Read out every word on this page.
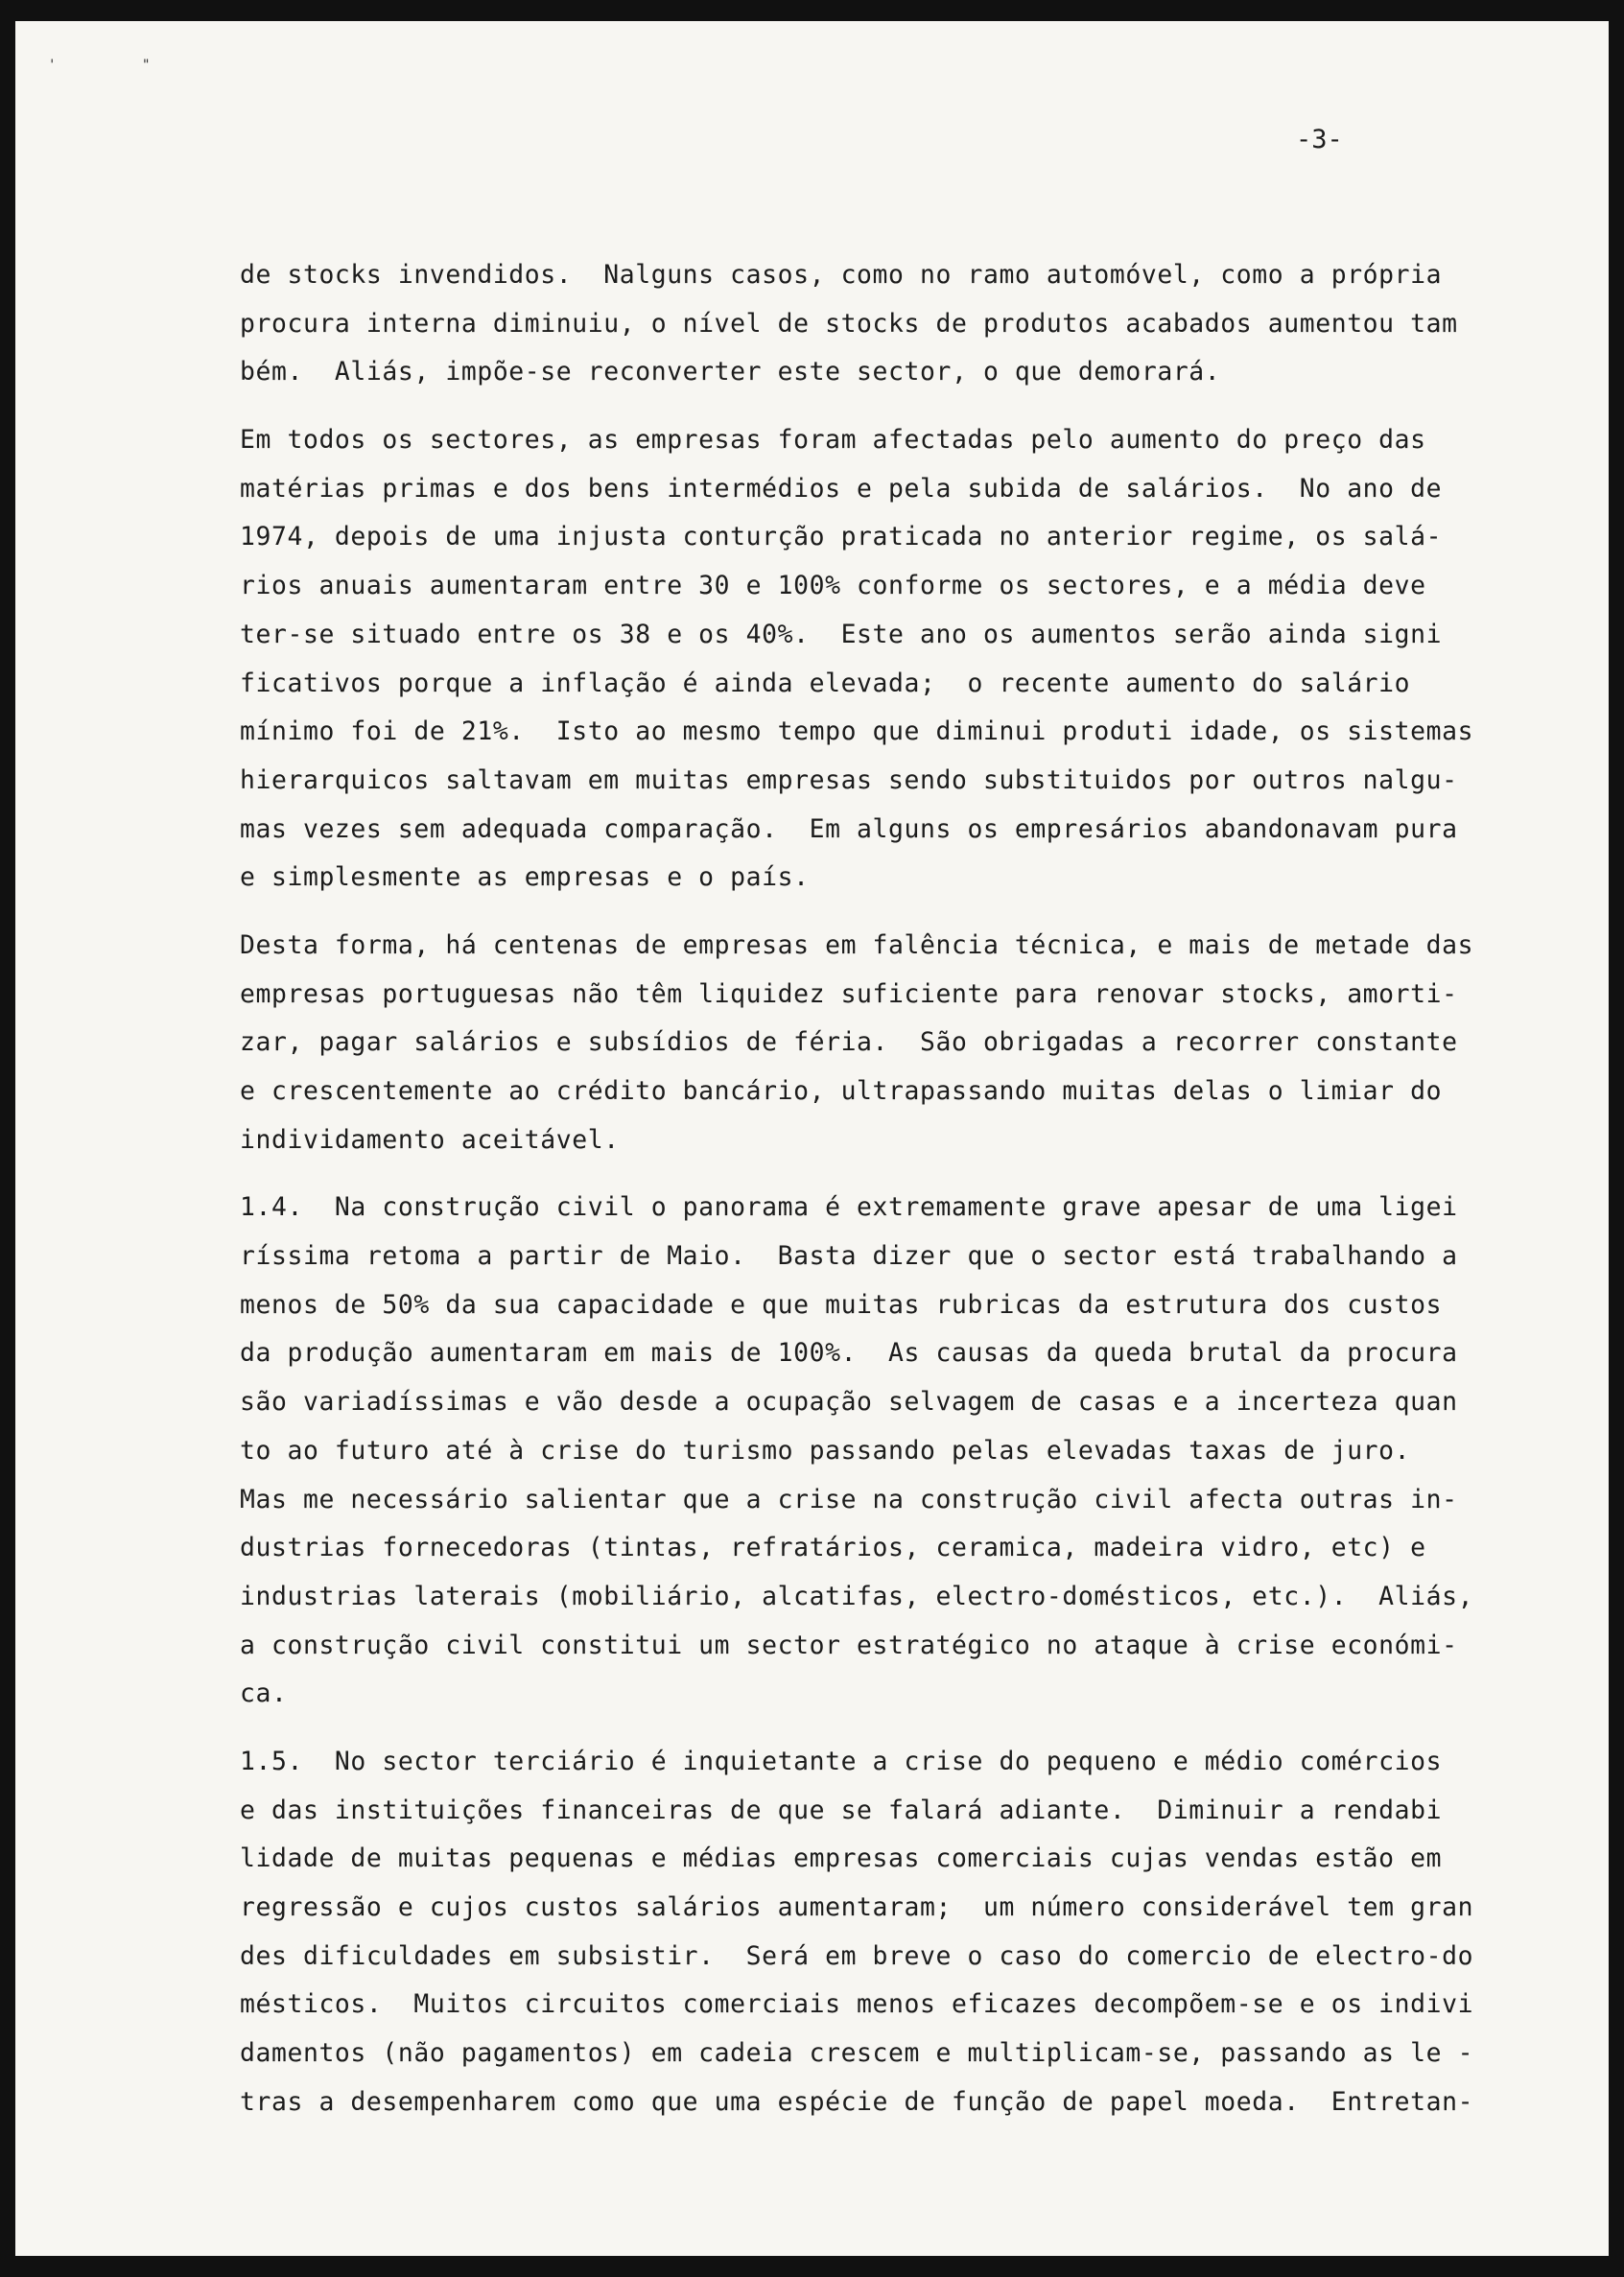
'	"
-3-
de stocks invendidos.  Nalguns casos, como no ramo automóvel, como a própria
procura interna diminuiu, o nível de stocks de produtos acabados aumentou tam
bém.  Aliás, impõe-se reconverter este sector, o que demorará.
Em todos os sectores, as empresas foram afectadas pelo aumento do preço das
matérias primas e dos bens intermédios e pela subida de salários.  No ano de
1974, depois de uma injusta conturção praticada no anterior regime, os salá-
rios anuais aumentaram entre 30 e 100% conforme os sectores, e a média deve
ter-se situado entre os 38 e os 40%.  Este ano os aumentos serão ainda signi
ficativos porque a inflação é ainda elevada;  o recente aumento do salário
mínimo foi de 21%.  Isto ao mesmo tempo que diminui produti idade, os sistemas
hierarquicos saltavam em muitas empresas sendo substituidos por outros nalgu-
mas vezes sem adequada comparação.  Em alguns os empresários abandonavam pura
e simplesmente as empresas e o país.
Desta forma, há centenas de empresas em falência técnica, e mais de metade das
empresas portuguesas não têm liquidez suficiente para renovar stocks, amorti-
zar, pagar salários e subsídios de féria.  São obrigadas a recorrer constante
e crescentemente ao crédito bancário, ultrapassando muitas delas o limiar do
individamento aceitável.
1.4.  Na construção civil o panorama é extremamente grave apesar de uma ligei
ríssima retoma a partir de Maio.  Basta dizer que o sector está trabalhando a
menos de 50% da sua capacidade e que muitas rubricas da estrutura dos custos
da produção aumentaram em mais de 100%.  As causas da queda brutal da procura
são variadíssimas e vão desde a ocupação selvagem de casas e a incerteza quan
to ao futuro até à crise do turismo passando pelas elevadas taxas de juro.
Mas me necessário salientar que a crise na construção civil afecta outras in-
dustrias fornecedoras (tintas, refratários, ceramica, madeira vidro, etc) e
industrias laterais (mobiliário, alcatifas, electro-domésticos, etc.).  Aliás,
a construção civil constitui um sector estratégico no ataque à crise económi-
ca.
1.5.  No sector terciário é inquietante a crise do pequeno e médio comércios
e das instituições financeiras de que se falará adiante.  Diminuir a rendabi
lidade de muitas pequenas e médias empresas comerciais cujas vendas estão em
regressão e cujos custos salários aumentaram;  um número considerável tem gran
des dificuldades em subsistir.  Será em breve o caso do comercio de electro-do
mésticos.  Muitos circuitos comerciais menos eficazes decompõem-se e os indivi
damentos (não pagamentos) em cadeia crescem e multiplicam-se, passando as le -
tras a desempenharem como que uma espécie de função de papel moeda.  Entretan-
